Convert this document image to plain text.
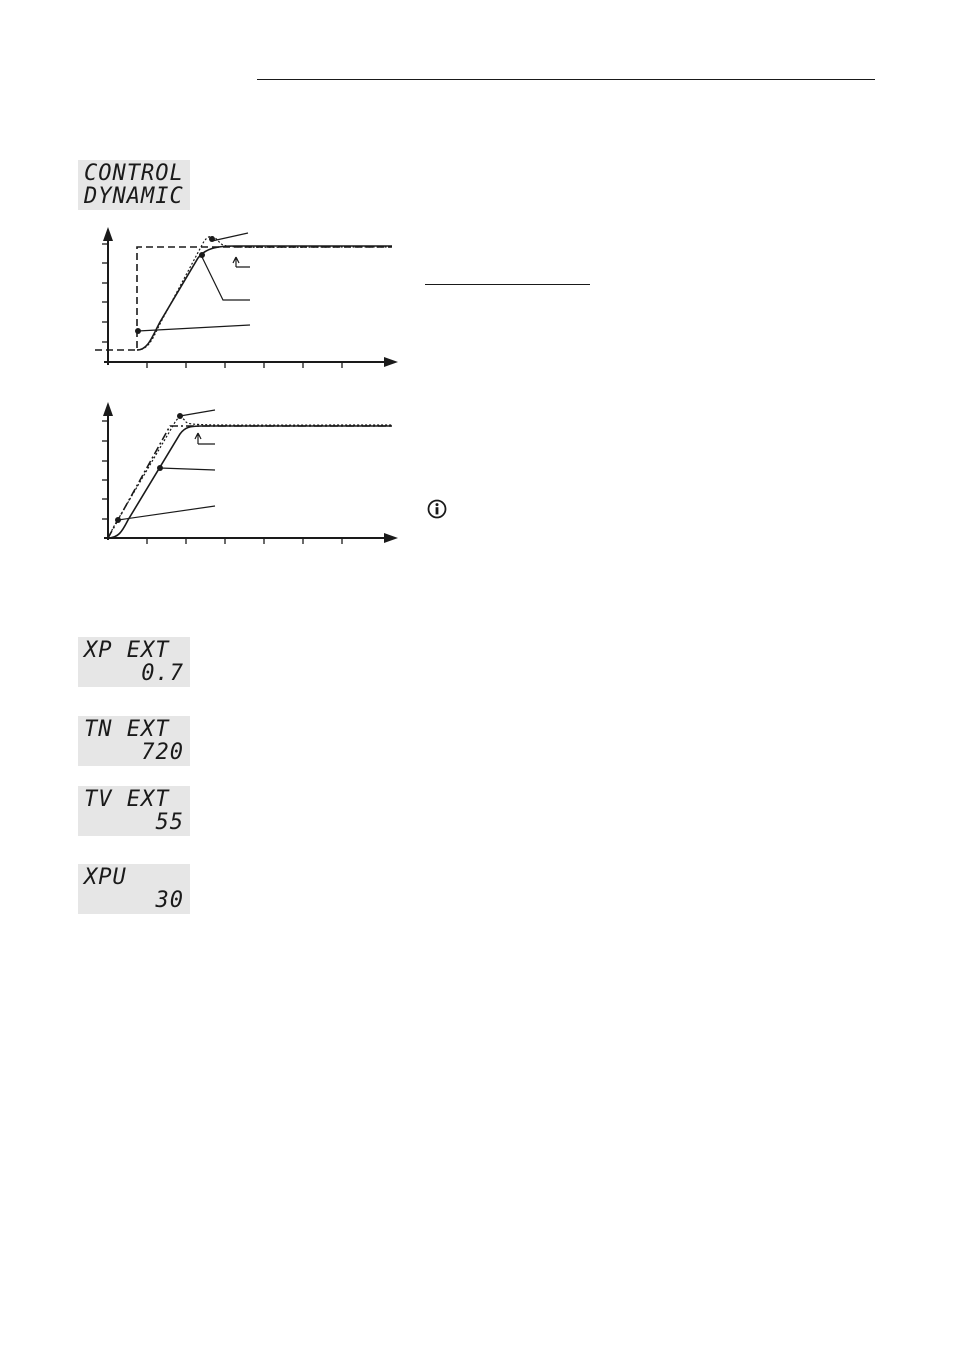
CONTROL
DYNAMIC
XP EXT
0.7
TN EXT
720
TV EXT
55
XPU
30
